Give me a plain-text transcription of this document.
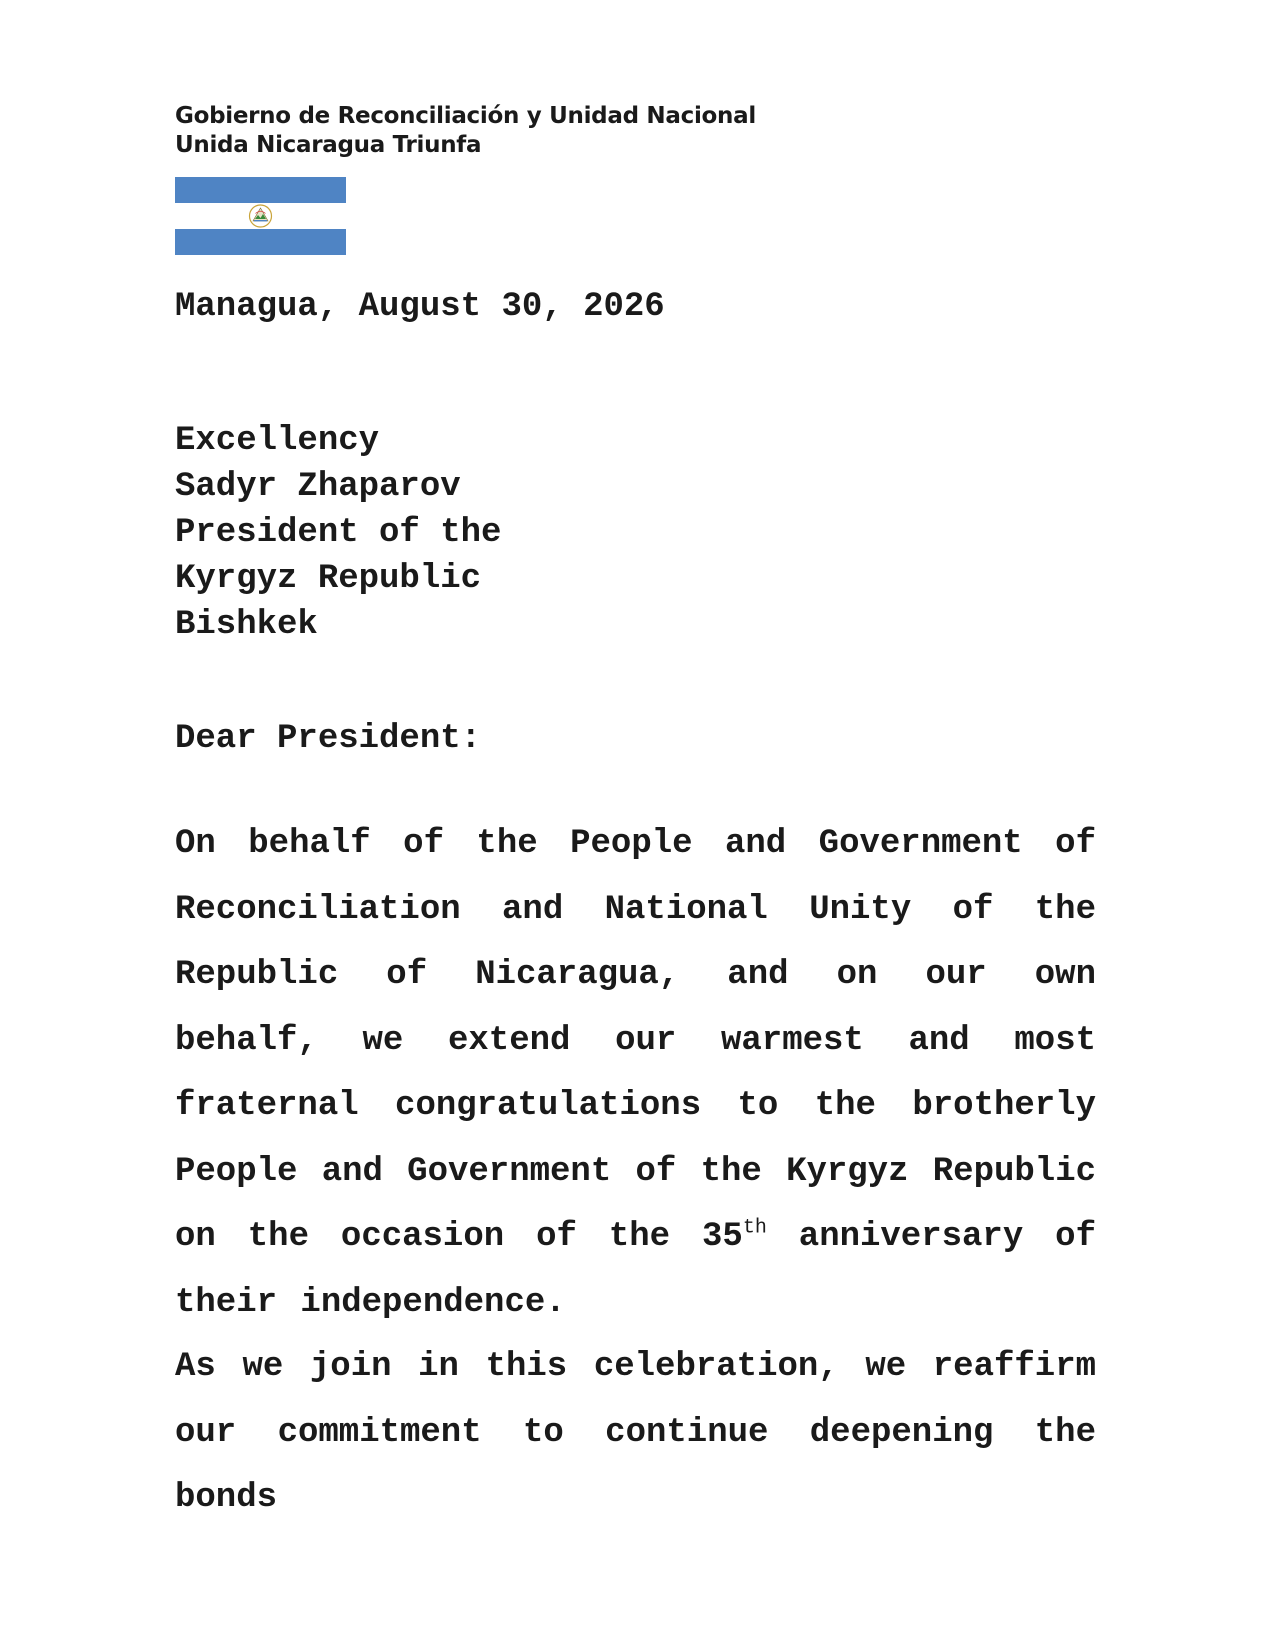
Gobierno de Reconciliación y Unidad Nacional
Unida Nicaragua Triunfa
Managua, August 30, 2026
Excellency
Sadyr Zhaparov
President of the
Kyrgyz Republic
Bishkek
Dear President:
On behalf of the People and Government of Reconciliation and National Unity of the Republic of Nicaragua, and on our own behalf, we extend our warmest and most fraternal congratulations to the brotherly People and Government of the Kyrgyz Republic on the occasion of the 35th anniversary of their independence.
As we join in this celebration, we reaffirm our commitment to continue deepening the bonds
